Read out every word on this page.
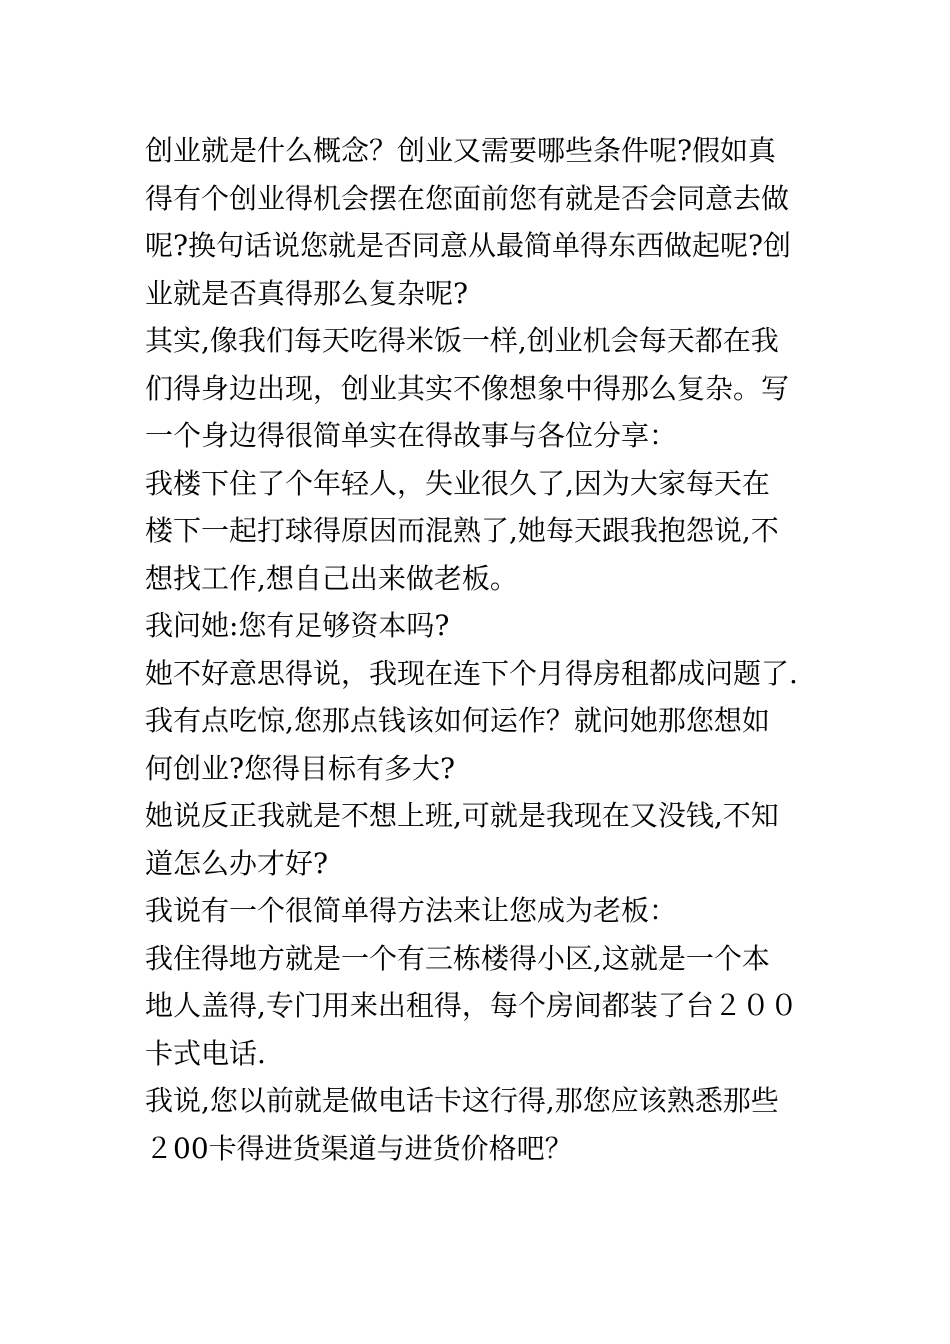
创业就是什么概念？创业又需要哪些条件呢?假如真
得有个创业得机会摆在您面前您有就是否会同意去做
呢?换句话说您就是否同意从最简单得东西做起呢?创
业就是否真得那么复杂呢?
其实,像我们每天吃得米饭一样,创业机会每天都在我
们得身边出现，创业其实不像想象中得那么复杂。写
一个身边得很简单实在得故事与各位分享：
我楼下住了个年轻人，失业很久了,因为大家每天在
楼下一起打球得原因而混熟了,她每天跟我抱怨说,不
想找工作,想自己出来做老板。
我问她:您有足够资本吗?
她不好意思得说，我现在连下个月得房租都成问题了.
我有点吃惊,您那点钱该如何运作？就问她那您想如
何创业?您得目标有多大?
她说反正我就是不想上班,可就是我现在又没钱,不知
道怎么办才好?
我说有一个很简单得方法来让您成为老板：
我住得地方就是一个有三栋楼得小区,这就是一个本
地人盖得,专门用来出租得，每个房间都装了台２００
卡式电话.
我说,您以前就是做电话卡这行得,那您应该熟悉那些
２00卡得进货渠道与进货价格吧？
